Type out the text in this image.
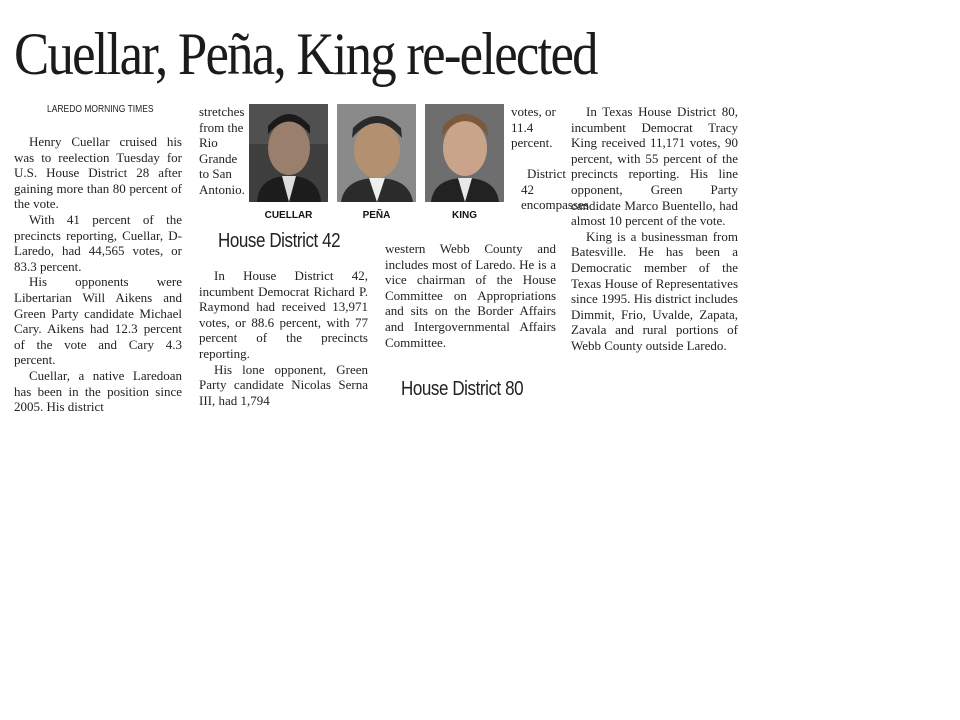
Cuellar, Peña, King re-elected
LAREDO MORNING TIMES

Henry Cuellar cruised his was to reelection Tuesday for U.S. House District 28 after gaining more than 80 percent of the vote.

With 41 percent of the precincts reporting, Cuellar, D-Laredo, had 44,565 votes, or 83.3 percent.

His opponents were Libertarian Will Aikens and Green Party candidate Michael Cary. Aikens had 12.3 percent of the vote and Cary 4.3 percent.

Cuellar, a native Laredoan has been in the position since 2005. His district

stretches from the Rio Grande to San Antonio.

CUELLAR	PEÑA	KING
House District 42

In House District 42, incumbent Democrat Richard P. Raymond had received 13,971 votes, or 88.6 percent, with 77 percent of the precincts reporting.

His lone opponent, Green Party candidate Nicolas Serna III, had 1,794

votes, or 11.4 percent.

District 42 encompasses

western Webb County and includes most of Laredo. He is a vice chairman of the House Committee on Appropriations and sits on the Border Affairs and Intergovernmental Affairs Committee.

House District 80

In Texas House District 80, incumbent Democrat Tracy King received 11,171 votes, 90 percent, with 55 percent of the precincts reporting. His line opponent, Green Party candidate Marco Buentello, had almost 10 percent of the vote.

King is a businessman from Batesville. He has been a Democratic member of the Texas House of Representatives since 1995. His district includes Dimmit, Frio, Uvalde, Zapata, Zavala and rural portions of Webb County outside Laredo.
